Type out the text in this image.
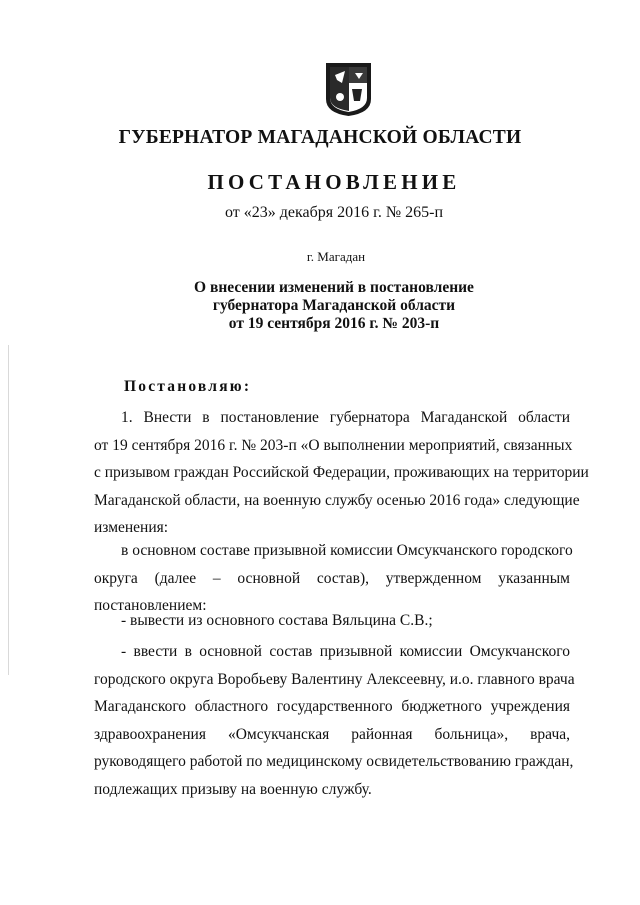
ГУБЕРНАТОР МАГАДАНСКОЙ ОБЛАСТИ
ПОСТАНОВЛЕНИЕ
от «23» декабря 2016 г. № 265-п
г. Магадан
О внесении изменений в постановление
губернатора Магаданской области
от 19 сентября 2016 г. № 203-п
Постановляю:
1. Внести в постановление губернатора Магаданской области
от 19 сентября 2016 г. № 203-п «О выполнении мероприятий, связанных
с призывом граждан Российской Федерации, проживающих на территории
Магаданской области, на военную службу осенью 2016 года» следующие
изменения:
в основном составе призывной комиссии Омсукчанского городского
округа (далее – основной состав), утвержденном указанным
постановлением:
- вывести из основного состава Вяльцина С.В.;
- ввести в основной состав призывной комиссии Омсукчанского
городского округа Воробьеву Валентину Алексеевну, и.о. главного врача
Магаданского областного государственного бюджетного учреждения
здравоохранения «Омсукчанская районная больница», врача,
руководящего работой по медицинскому освидетельствованию граждан,
подлежащих призыву на военную службу.
